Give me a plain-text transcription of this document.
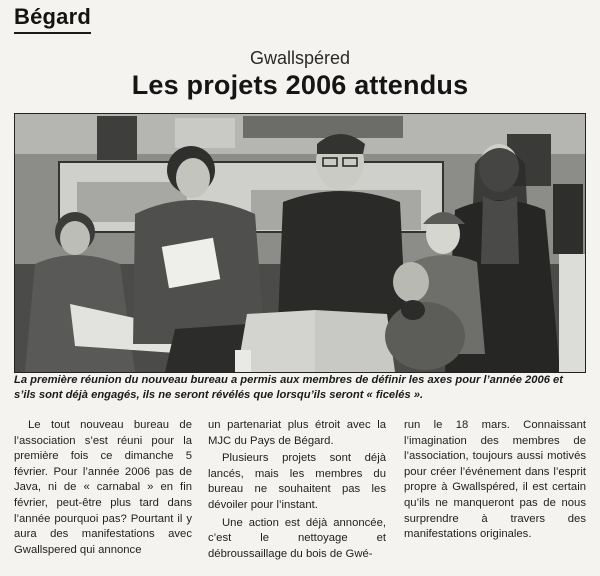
Bégard
Gwallspéred
Les projets 2006 attendus
La première réunion du nouveau bureau a permis aux membres de définir les axes pour l’année 2006 et s’ils sont déjà engagés, ils ne seront révélés que lorsqu’ils seront « ficelés ».

Le tout nouveau bureau de l’association s’est réuni pour la première fois ce dimanche 5 février. Pour l’année 2006 pas de Java, ni de « carnabal » en fin février, peut-être plus tard dans l’année pourquoi pas? Pourtant il y aura des manifestations avec Gwallspered qui annonce

un partenariat plus étroit avec la MJC du Pays de Bégard.

Plusieurs projets sont déjà lancés, mais les membres du bureau ne souhaitent pas les dévoiler pour l’instant.

Une action est déjà annoncée, c’est le nettoyage et débroussaillage du bois de Gwé-

run le 18 mars. Connaissant l’imagination des membres de l’association, toujours aussi motivés pour créer l’événement dans l’esprit propre à Gwallspéred, il est certain qu’ils ne manqueront pas de nous surprendre à travers des manifestations originales.
